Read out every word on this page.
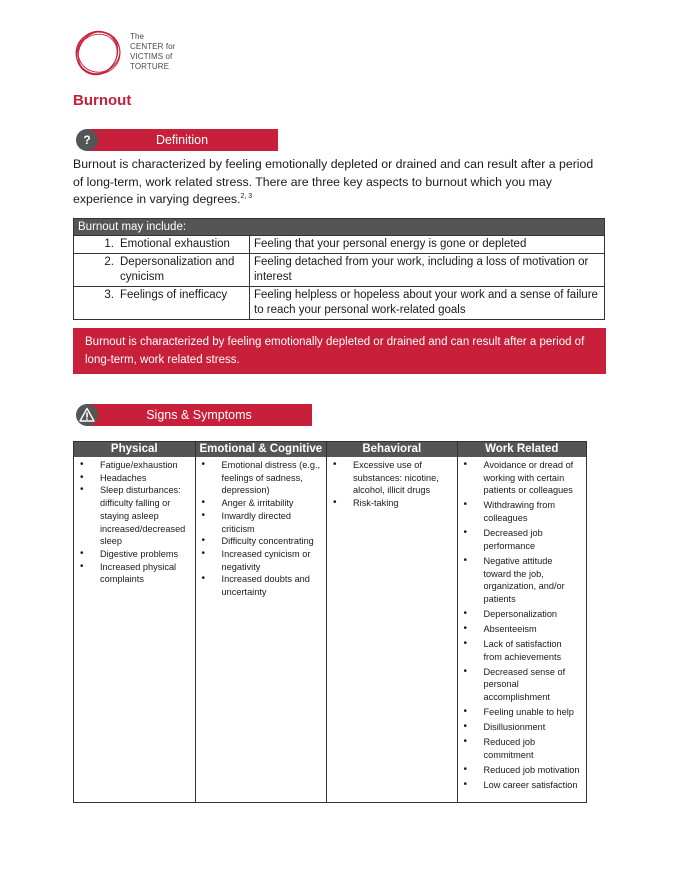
The
CENTER for
VICTIMS of
TORTURE
Burnout
Definition
?
Burnout is characterized by feeling emotionally depleted or drained and can result after a period of long-term, work related stress. There are three key aspects to burnout which you may experience in varying degrees.$^{2, 3}$
Burnout may include:
1. Emotional exhaustion	Feeling that your personal energy is gone or depleted
2. Depersonalization and cynicism
Feeling detached from your work, including a loss of motivation or interest
3. Feelings of inefficacy	Feeling helpless or hopeless about your work and a sense of failure to reach your personal work-related goals
Burnout is characterized by feeling emotionally depleted or drained and can result after a period of long-term, work related stress.
Signs & Symptoms
Physical
• Fatigue/exhaustion
• Headaches
• Sleep disturbances: difficulty falling or staying asleep increased/decreased sleep
• Digestive problems
• Increased physical complaints
Emotional & Cognitive
• Emotional distress (e.g., feelings of sadness, depression)
• Anger & irritability
• Inwardly directed criticism
• Difficulty concentrating
• Increased cynicism or negativity
• Increased doubts and uncertainty
Behavioral
• Excessive use of substances: nicotine, alcohol, illicit drugs
• Risk-taking
Work Related
• Avoidance or dread of working with certain patients or colleagues
• Withdrawing from colleagues
• Decreased job performance
• Negative attitude toward the job, organization, and/or patients
• Depersonalization
• Absenteeism
• Lack of satisfaction from achievements
• Decreased sense of personal accomplishment
• Feeling unable to help
• Disillusionment
• Reduced job commitment
• Reduced job motivation
• Low career satisfaction
